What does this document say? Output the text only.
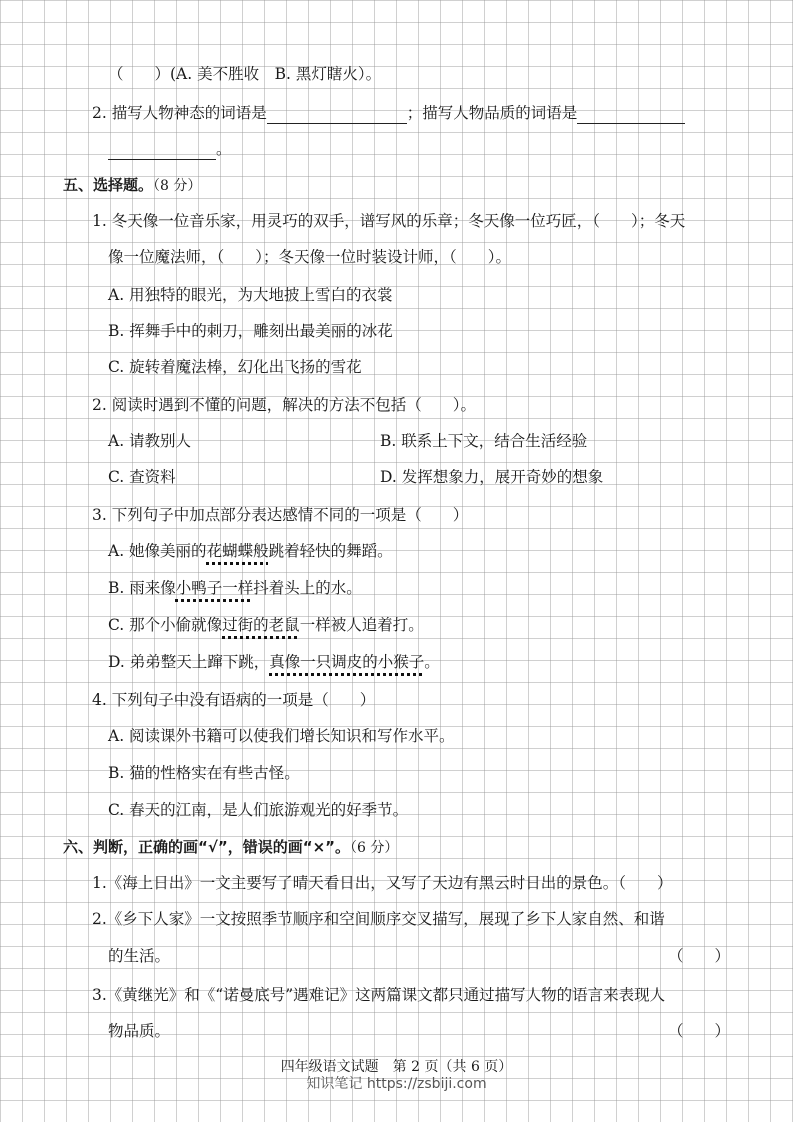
（　　）(A. 美不胜收　B. 黑灯瞎火）。
2. 描写人物神态的词语是	；描写人物品质的词语是
。
五、选择题。（8 分）
1. 冬天像一位音乐家，用灵巧的双手，谱写风的乐章；冬天像一位巧匠，（　　）；冬天
像一位魔法师，（　　）；冬天像一位时装设计师，（　　）。
A. 用独特的眼光，为大地披上雪白的衣裳
B. 挥舞手中的刺刀，雕刻出最美丽的冰花
C. 旋转着魔法棒，幻化出飞扬的雪花
2. 阅读时遇到不懂的问题，解决的方法不包括（　　）。
A. 请教别人	B. 联系上下文，结合生活经验
C. 查资料	D. 发挥想象力，展开奇妙的想象
3. 下列句子中加点部分表达感情不同的一项是（　　）
A. 她像美丽的花蝴蝶般跳着轻快的舞蹈。
B. 雨来像小鸭子一样抖着头上的水。
C. 那个小偷就像过街的老鼠一样被人追着打。
D. 弟弟整天上蹿下跳，真像一只调皮的小猴子。
4. 下列句子中没有语病的一项是（　　）
A. 阅读课外书籍可以使我们增长知识和写作水平。
B. 猫的性格实在有些古怪。
C. 春天的江南，是人们旅游观光的好季节。
六、判断，正确的画“√”，错误的画“×”。（6 分）
1.《海上日出》一文主要写了晴天看日出，又写了天边有黑云时日出的景色。（　　）
2.《乡下人家》一文按照季节顺序和空间顺序交叉描写，展现了乡下人家自然、和谐
的生活。	（　　）
3.《黄继光》和《“诺曼底号”遇难记》这两篇课文都只通过描写人物的语言来表现人
物品质。	（　　）
四年级语文试题　第 2 页（共 6 页）
知识笔记 https://zsbiji.com
